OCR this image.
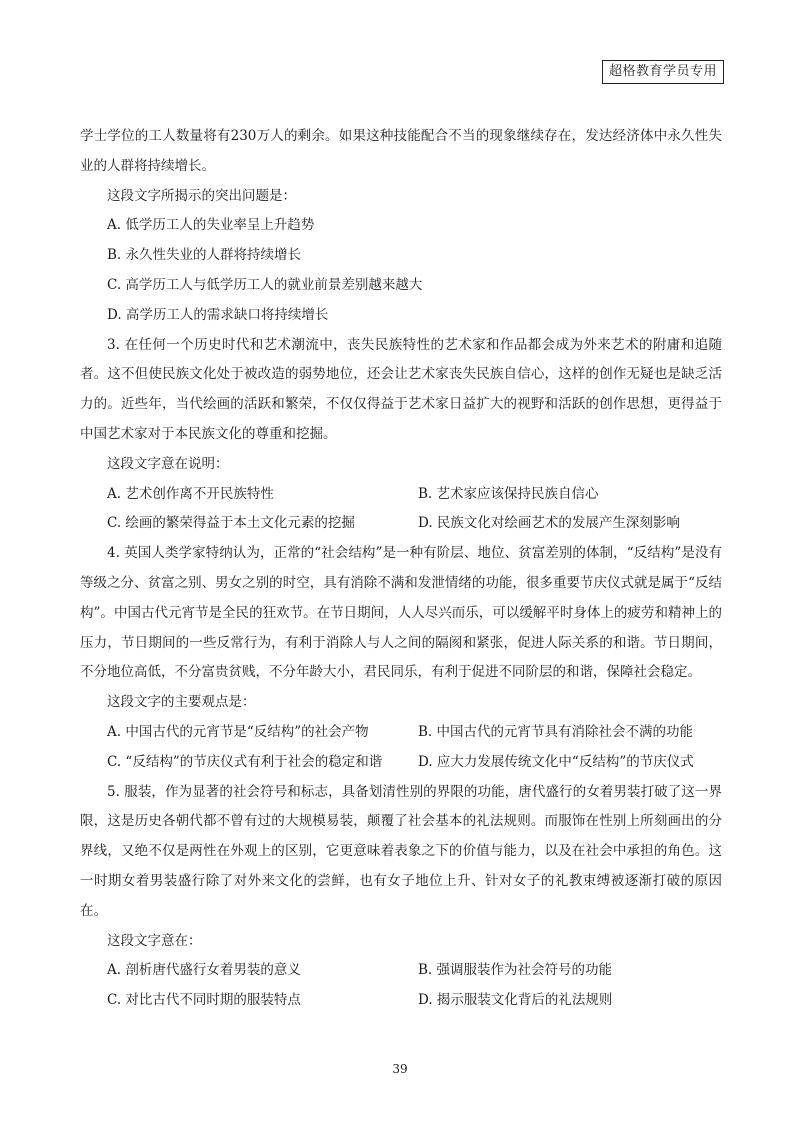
超格教育学员专用

学士学位的工人数量将有230万人的剩余。如果这种技能配合不当的现象继续存在，发达经济体中永久性失业的人群将持续增长。

这段文字所揭示的突出问题是：

A. 低学历工人的失业率呈上升趋势

B. 永久性失业的人群将持续增长

C. 高学历工人与低学历工人的就业前景差别越来越大

D. 高学历工人的需求缺口将持续增长

3. 在任何一个历史时代和艺术潮流中，丧失民族特性的艺术家和作品都会成为外来艺术的附庸和追随者。这不但使民族文化处于被改造的弱势地位，还会让艺术家丧失民族自信心，这样的创作无疑也是缺乏活力的。近些年，当代绘画的活跃和繁荣，不仅仅得益于艺术家日益扩大的视野和活跃的创作思想，更得益于中国艺术家对于本民族文化的尊重和挖掘。

这段文字意在说明：

A. 艺术创作离不开民族特性	B. 艺术家应该保持民族自信心
C. 绘画的繁荣得益于本土文化元素的挖掘	D. 民族文化对绘画艺术的发展产生深刻影响

4. 英国人类学家特纳认为，正常的“社会结构”是一种有阶层、地位、贫富差别的体制，“反结构”是没有等级之分、贫富之别、男女之别的时空，具有消除不满和发泄情绪的功能，很多重要节庆仪式就是属于“反结构”。中国古代元宵节是全民的狂欢节。在节日期间，人人尽兴而乐，可以缓解平时身体上的疲劳和精神上的压力，节日期间的一些反常行为，有利于消除人与人之间的隔阂和紧张，促进人际关系的和谐。节日期间，不分地位高低，不分富贵贫贱，不分年龄大小，君民同乐，有利于促进不同阶层的和谐，保障社会稳定。

这段文字的主要观点是：

A. 中国古代的元宵节是“反结构”的社会产物	B. 中国古代的元宵节具有消除社会不满的功能
C. “反结构”的节庆仪式有利于社会的稳定和谐	D. 应大力发展传统文化中“反结构”的节庆仪式

5. 服装，作为显著的社会符号和标志，具备划清性别的界限的功能，唐代盛行的女着男装打破了这一界限，这是历史各朝代都不曾有过的大规模易装，颠覆了社会基本的礼法规则。而服饰在性别上所刻画出的分界线，又绝不仅是两性在外观上的区别，它更意味着表象之下的价值与能力，以及在社会中承担的角色。这一时期女着男装盛行除了对外来文化的尝鲜，也有女子地位上升、针对女子的礼教束缚被逐渐打破的原因在。

这段文字意在：

A. 剖析唐代盛行女着男装的意义	B. 强调服装作为社会符号的功能
C. 对比古代不同时期的服装特点	D. 揭示服装文化背后的礼法规则
39
